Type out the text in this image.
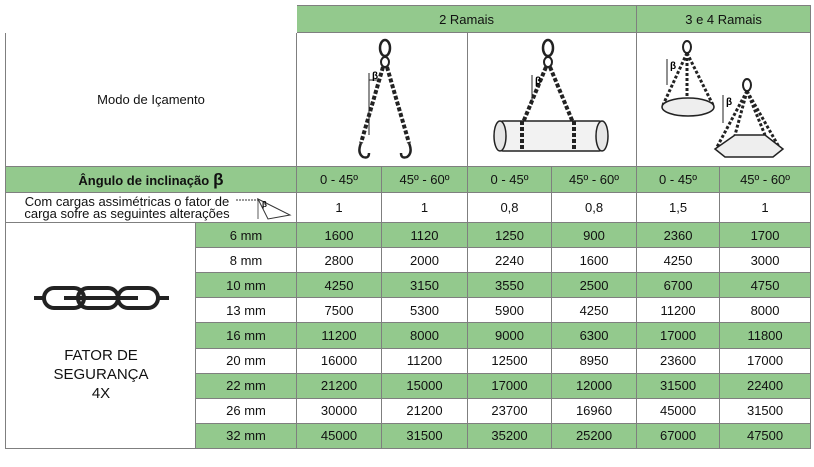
		2 Ramais				3 e 4 Ramais	
Modo de Içamento		β		β		β
β	

Ângulo de inclinação β		0 - 45º	45º - 60º	0 - 45º	45º - 60º	0 - 45º	45º - 60º

Com cargas assimétricas o fator de carga sofre as seguintes alterações
β		1	1	0,8	0,8	1,5	1

FATOR DE
SEGURANÇA
4X	6 mm	1600	1120	1250	900	2360	1700
	8 mm	2800	2000	2240	1600	4250	3000
	10 mm	4250	3150	3550	2500	6700	4750
	13 mm	7500	5300	5900	4250	11200	8000
	16 mm	11200	8000	9000	6300	17000	11800
	20 mm	16000	11200	12500	8950	23600	17000
	22 mm	21200	15000	17000	12000	31500	22400
	26 mm	30000	21200	23700	16960	45000	31500
	32 mm	45000	31500	35200	25200	67000	47500
